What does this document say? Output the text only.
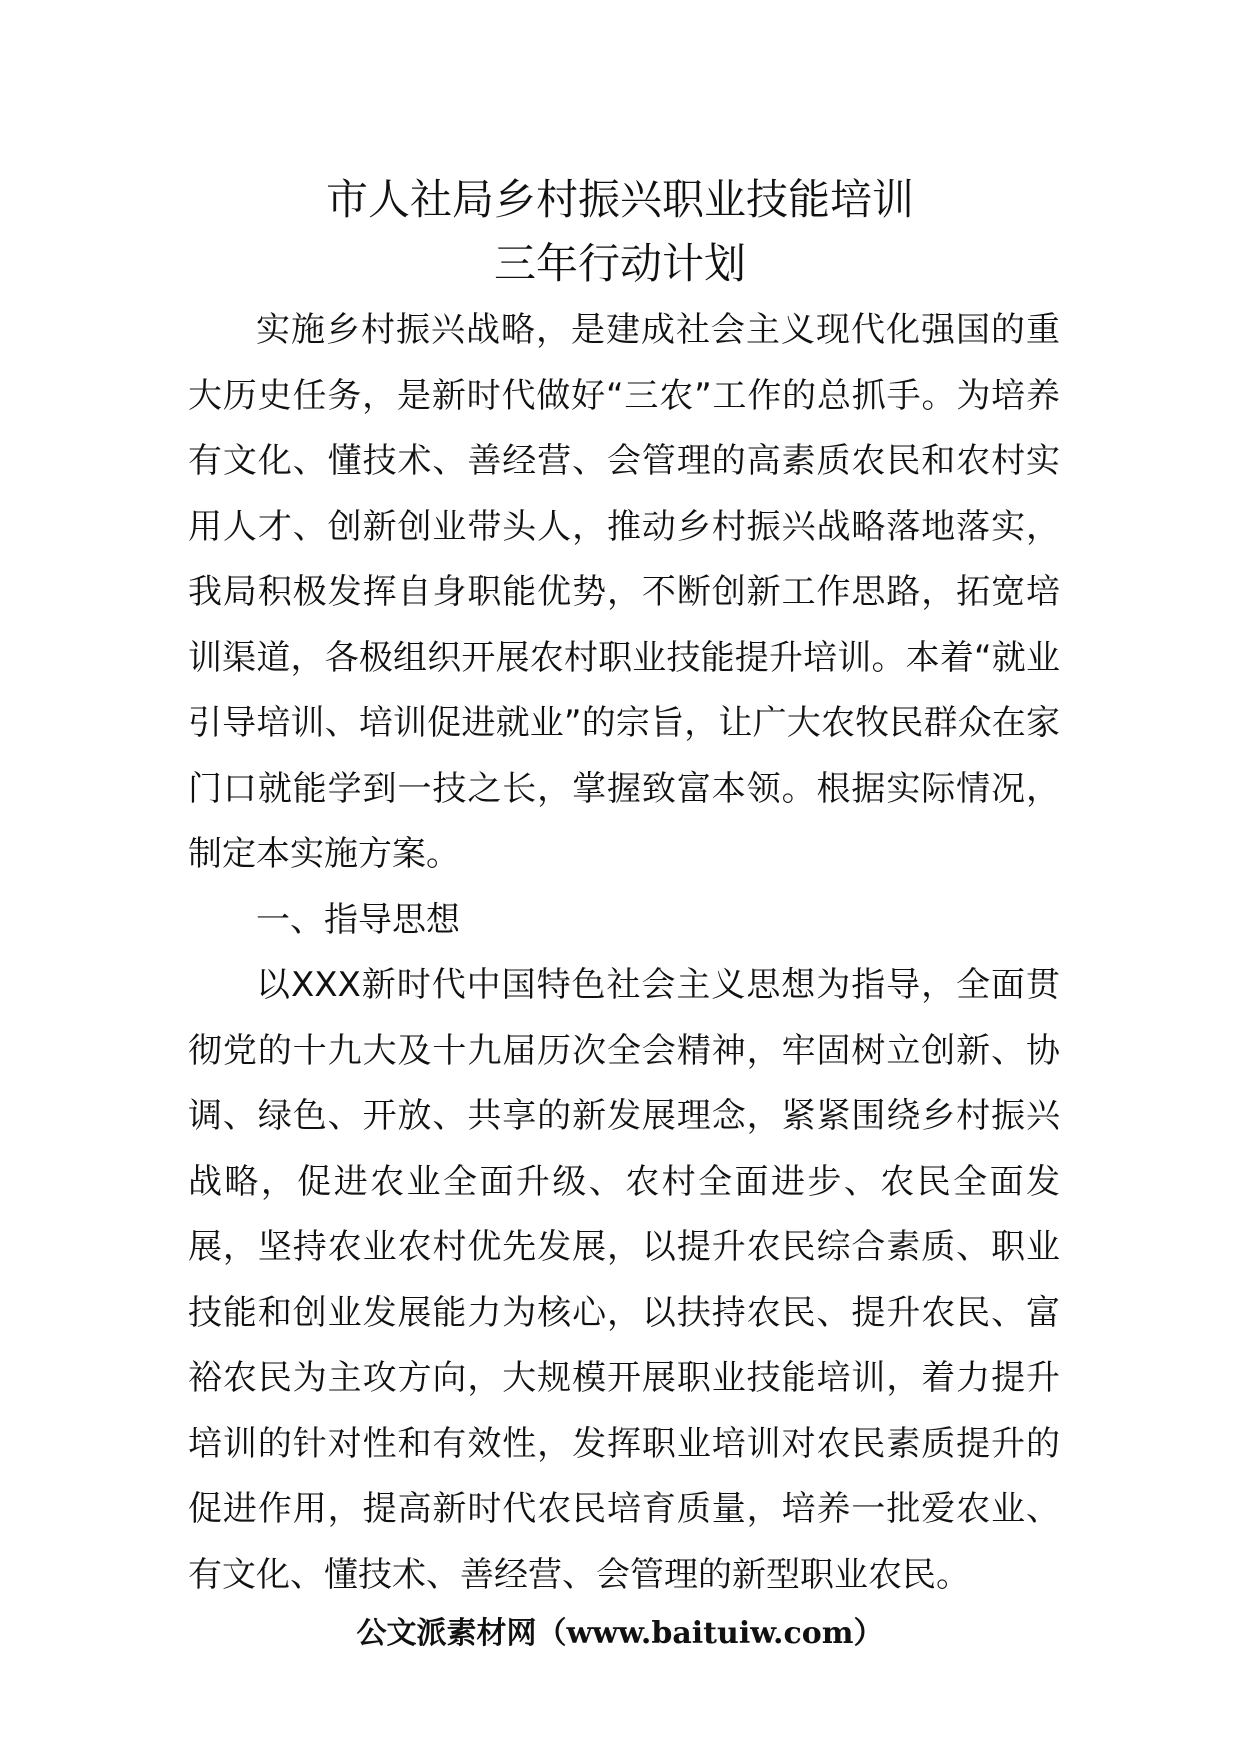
市人社局乡村振兴职业技能培训
三年行动计划

实施乡村振兴战略，是建成社会主义现代化强国的重大历史任务，是新时代做好“三农”工作的总抓手。为培养有文化、懂技术、善经营、会管理的高素质农民和农村实用人才、创新创业带头人，推动乡村振兴战略落地落实，我局积极发挥自身职能优势，不断创新工作思路，拓宽培训渠道，各极组织开展农村职业技能提升培训。本着“就业引导培训、培训促进就业”的宗旨，让广大农牧民群众在家门口就能学到一技之长，掌握致富本领。根据实际情况，制定本实施方案。

一、指导思想

以XXX新时代中国特色社会主义思想为指导，全面贯彻党的十九大及十九届历次全会精神，牢固树立创新、协调、绿色、开放、共享的新发展理念，紧紧围绕乡村振兴战略，促进农业全面升级、农村全面进步、农民全面发展，坚持农业农村优先发展，以提升农民综合素质、职业技能和创业发展能力为核心，以扶持农民、提升农民、富裕农民为主攻方向，大规模开展职业技能培训，着力提升培训的针对性和有效性，发挥职业培训对农民素质提升的促进作用，提高新时代农民培育质量，培养一批爱农业、有文化、懂技术、善经营、会管理的新型职业农民。

公文派素材网（www.baituiw.com）
